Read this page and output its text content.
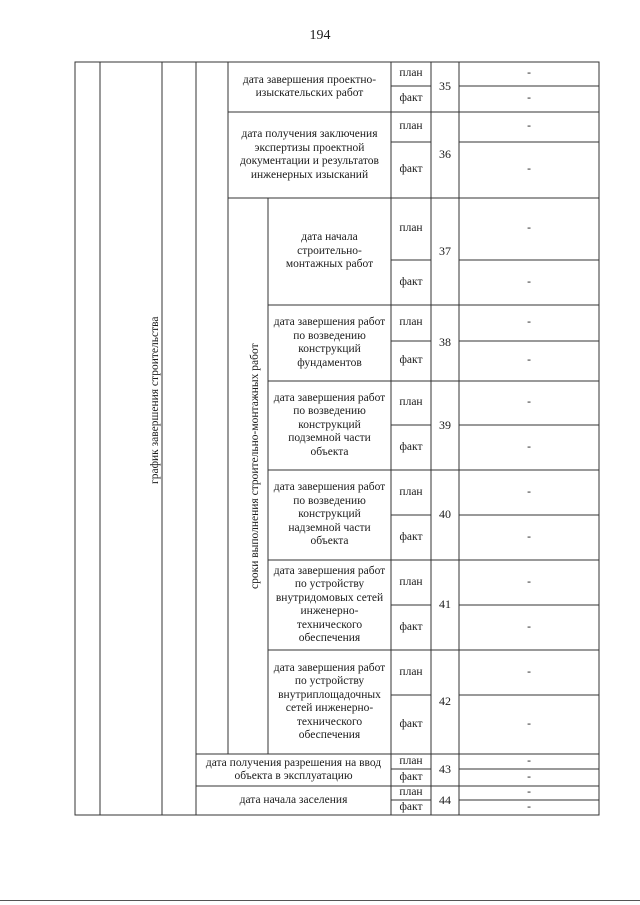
194
график завершения строительства	сроки выполнения строительно-монтажных работ
дата завершения проектно-изыскательских работ
план
факт
35
-
-
дата получения заключения экспертизы проектной документации и результатов инженерных изысканий
план
факт
36
-
-
дата начала строительно-монтажных работ
план
факт
37
-
-
дата завершения работ по возведению конструкций фундаментов
план
факт
38
-
-
дата завершения работ по возведению конструкций подземной части объекта
план
факт
39
-
-
дата завершения работ по возведению конструкций надземной части объекта
план
факт
40
-
-
дата завершения работ по устройству внутридомовых сетей инженерно-технического обеспечения
план
факт
41
-
-
дата завершения работ по устройству внутриплощадочных сетей инженерно-технического обеспечения
план
факт
42
-
-
дата получения разрешения на ввод объекта в эксплуатацию
план
факт
43
-
-
дата начала заселения
план
факт	44
-
-
